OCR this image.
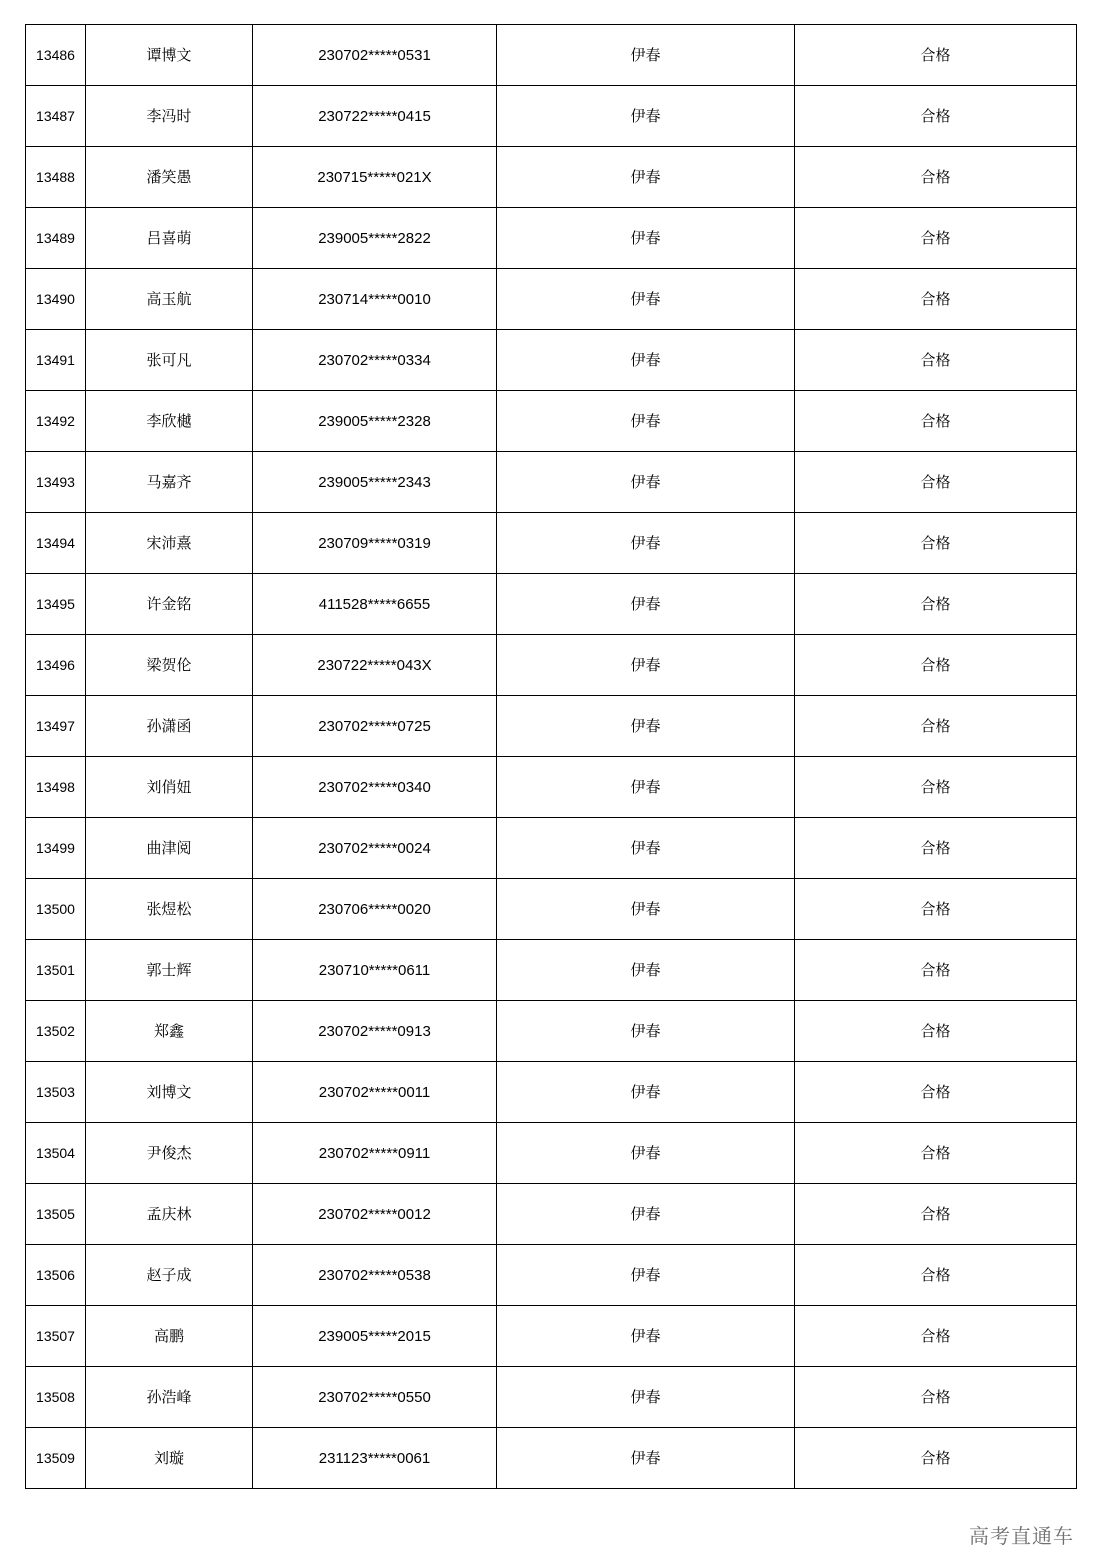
13486	谭博文	230702*****0531	伊春	合格
13487	李冯时	230722*****0415	伊春	合格
13488	潘笑愚	230715*****021X	伊春	合格
13489	吕喜萌	239005*****2822	伊春	合格
13490	高玉航	230714*****0010	伊春	合格
13491	张可凡	230702*****0334	伊春	合格
13492	李欣樾	239005*****2328	伊春	合格
13493	马嘉齐	239005*****2343	伊春	合格
13494	宋沛熹	230709*****0319	伊春	合格
13495	许金铭	411528*****6655	伊春	合格
13496	梁贺伦	230722*****043X	伊春	合格
13497	孙潇函	230702*****0725	伊春	合格
13498	刘俏妞	230702*****0340	伊春	合格
13499	曲津阅	230702*****0024	伊春	合格
13500	张煜松	230706*****0020	伊春	合格
13501	郭士辉	230710*****0611	伊春	合格
13502	郑鑫	230702*****0913	伊春	合格
13503	刘博文	230702*****0011	伊春	合格
13504	尹俊杰	230702*****0911	伊春	合格
13505	孟庆林	230702*****0012	伊春	合格
13506	赵子成	230702*****0538	伊春	合格
13507	高鹏	239005*****2015	伊春	合格
13508	孙浩峰	230702*****0550	伊春	合格
13509	刘璇	231123*****0061	伊春	合格
高考直通车
